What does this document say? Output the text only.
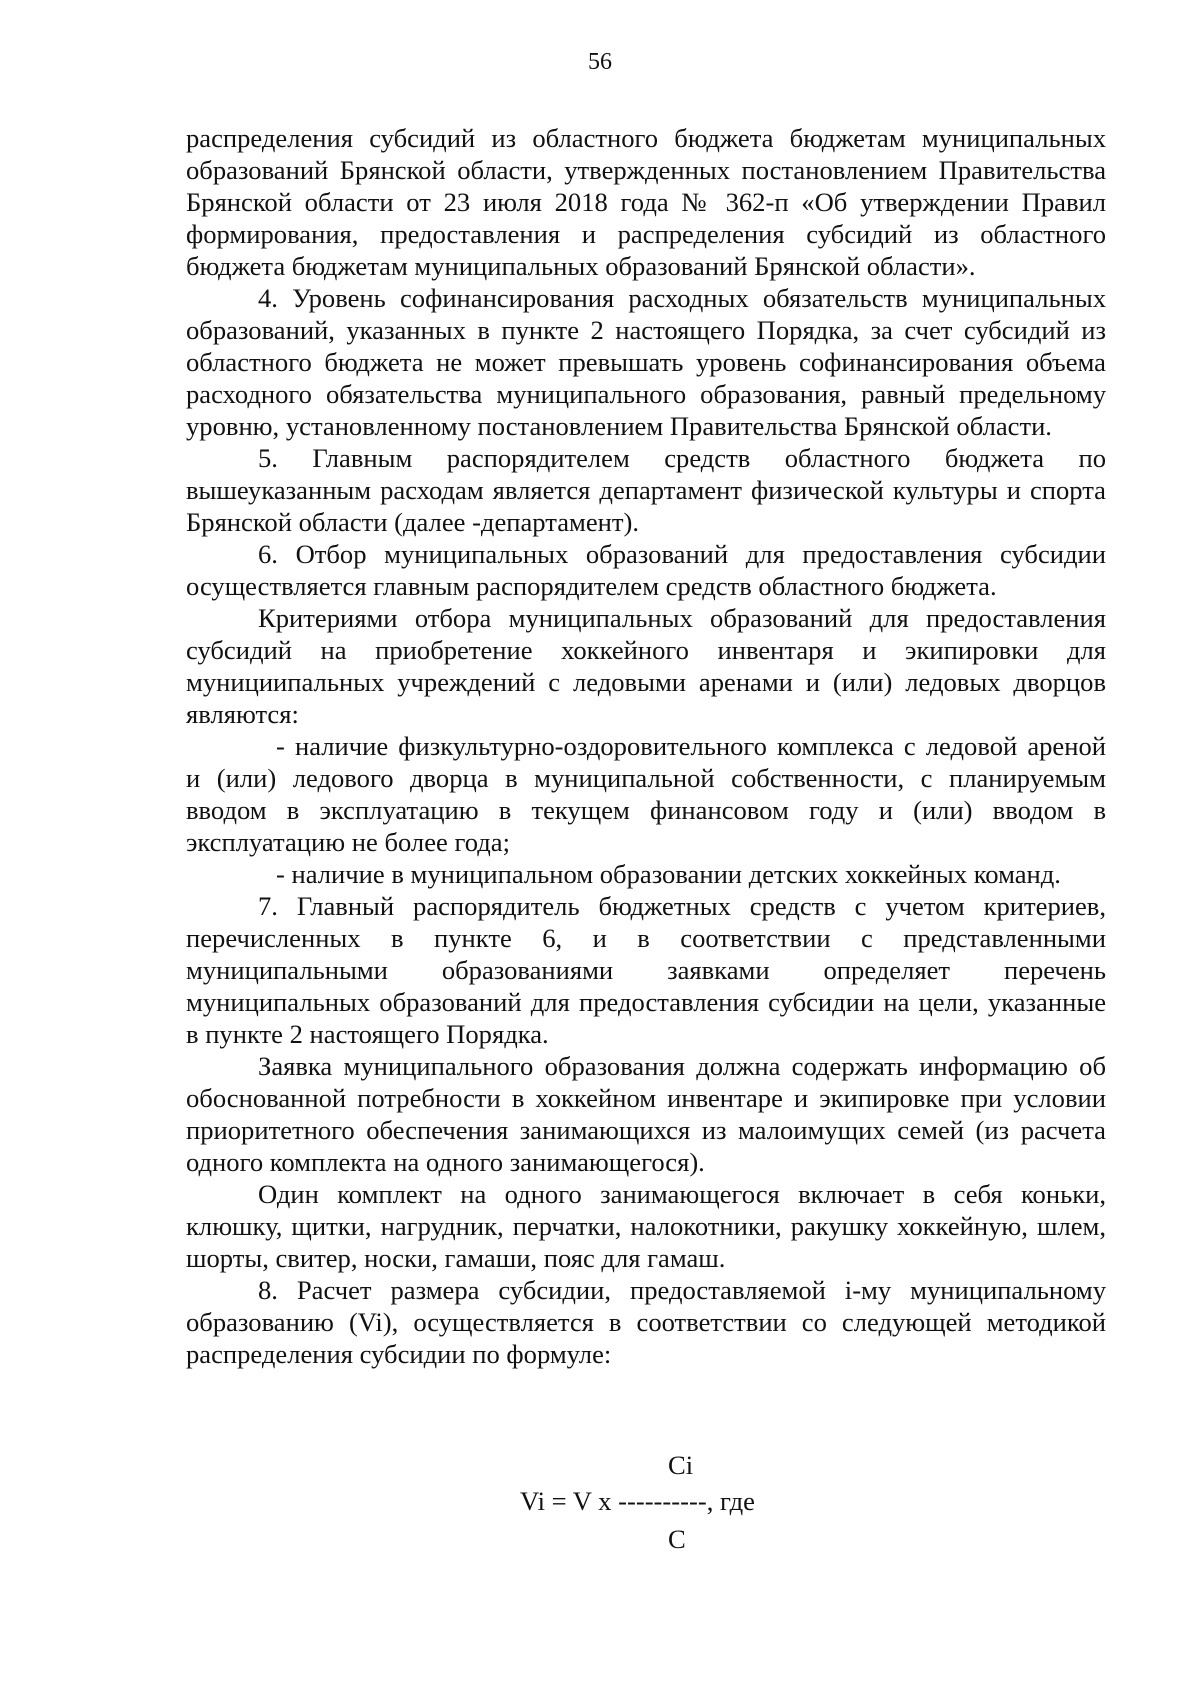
56

распределения субсидий из областного бюджета бюджетам муниципальных образований Брянской области, утвержденных постановлением Правительства Брянской области от 23 июля 2018 года № 362-п «Об утверждении Правил формирования, предоставления и распределения субсидий из областного бюджета бюджетам муниципальных образований Брянской области».

4. Уровень софинансирования расходных обязательств муниципальных образований, указанных в пункте 2 настоящего Порядка, за счет субсидий из областного бюджета не может превышать уровень софинансирования объема расходного обязательства муниципального образования, равный предельному уровню, установленному постановлением Правительства Брянской области.

5. Главным распорядителем средств областного бюджета по вышеуказанным расходам является департамент физической культуры и спорта Брянской области (далее -департамент).

6. Отбор муниципальных образований для предоставления субсидии осуществляется главным распорядителем средств областного бюджета.

Критериями отбора муниципальных образований для предоставления субсидий на приобретение хоккейного инвентаря и экипировки для мунициипальных учреждений с ледовыми аренами и (или) ледовых дворцов являются:

- наличие физкультурно-оздоровительного комплекса с ледовой ареной и (или) ледового дворца в муниципальной собственности, с планируемым вводом в эксплуатацию в текущем финансовом году и (или) вводом в эксплуатацию не более года;

- наличие в муниципальном образовании детских хоккейных команд.

7. Главный распорядитель бюджетных средств с учетом критериев, перечисленных в пункте 6, и в соответствии с представленными муниципальными образованиями заявками определяет перечень муниципальных образований для предоставления субсидии на цели, указанные в пункте 2 настоящего Порядка.

Заявка муниципального образования должна содержать информацию об обоснованной потребности в хоккейном инвентаре и экипировке при условии приоритетного обеспечения занимающихся из малоимущих семей (из расчета одного комплекта на одного занимающегося).

Один комплект на одного занимающегося включает в себя коньки, клюшку, щитки, нагрудник, перчатки, налокотники, ракушку хоккейную, шлем, шорты, свитер, носки, гамаши, пояс для гамаш.

8. Расчет размера субсидии, предоставляемой i-му муниципальному образованию (Vi), осуществляется в соответствии со следующей методикой распределения субсидии по формуле:

Ci
Vi = V x ----------, где
C
